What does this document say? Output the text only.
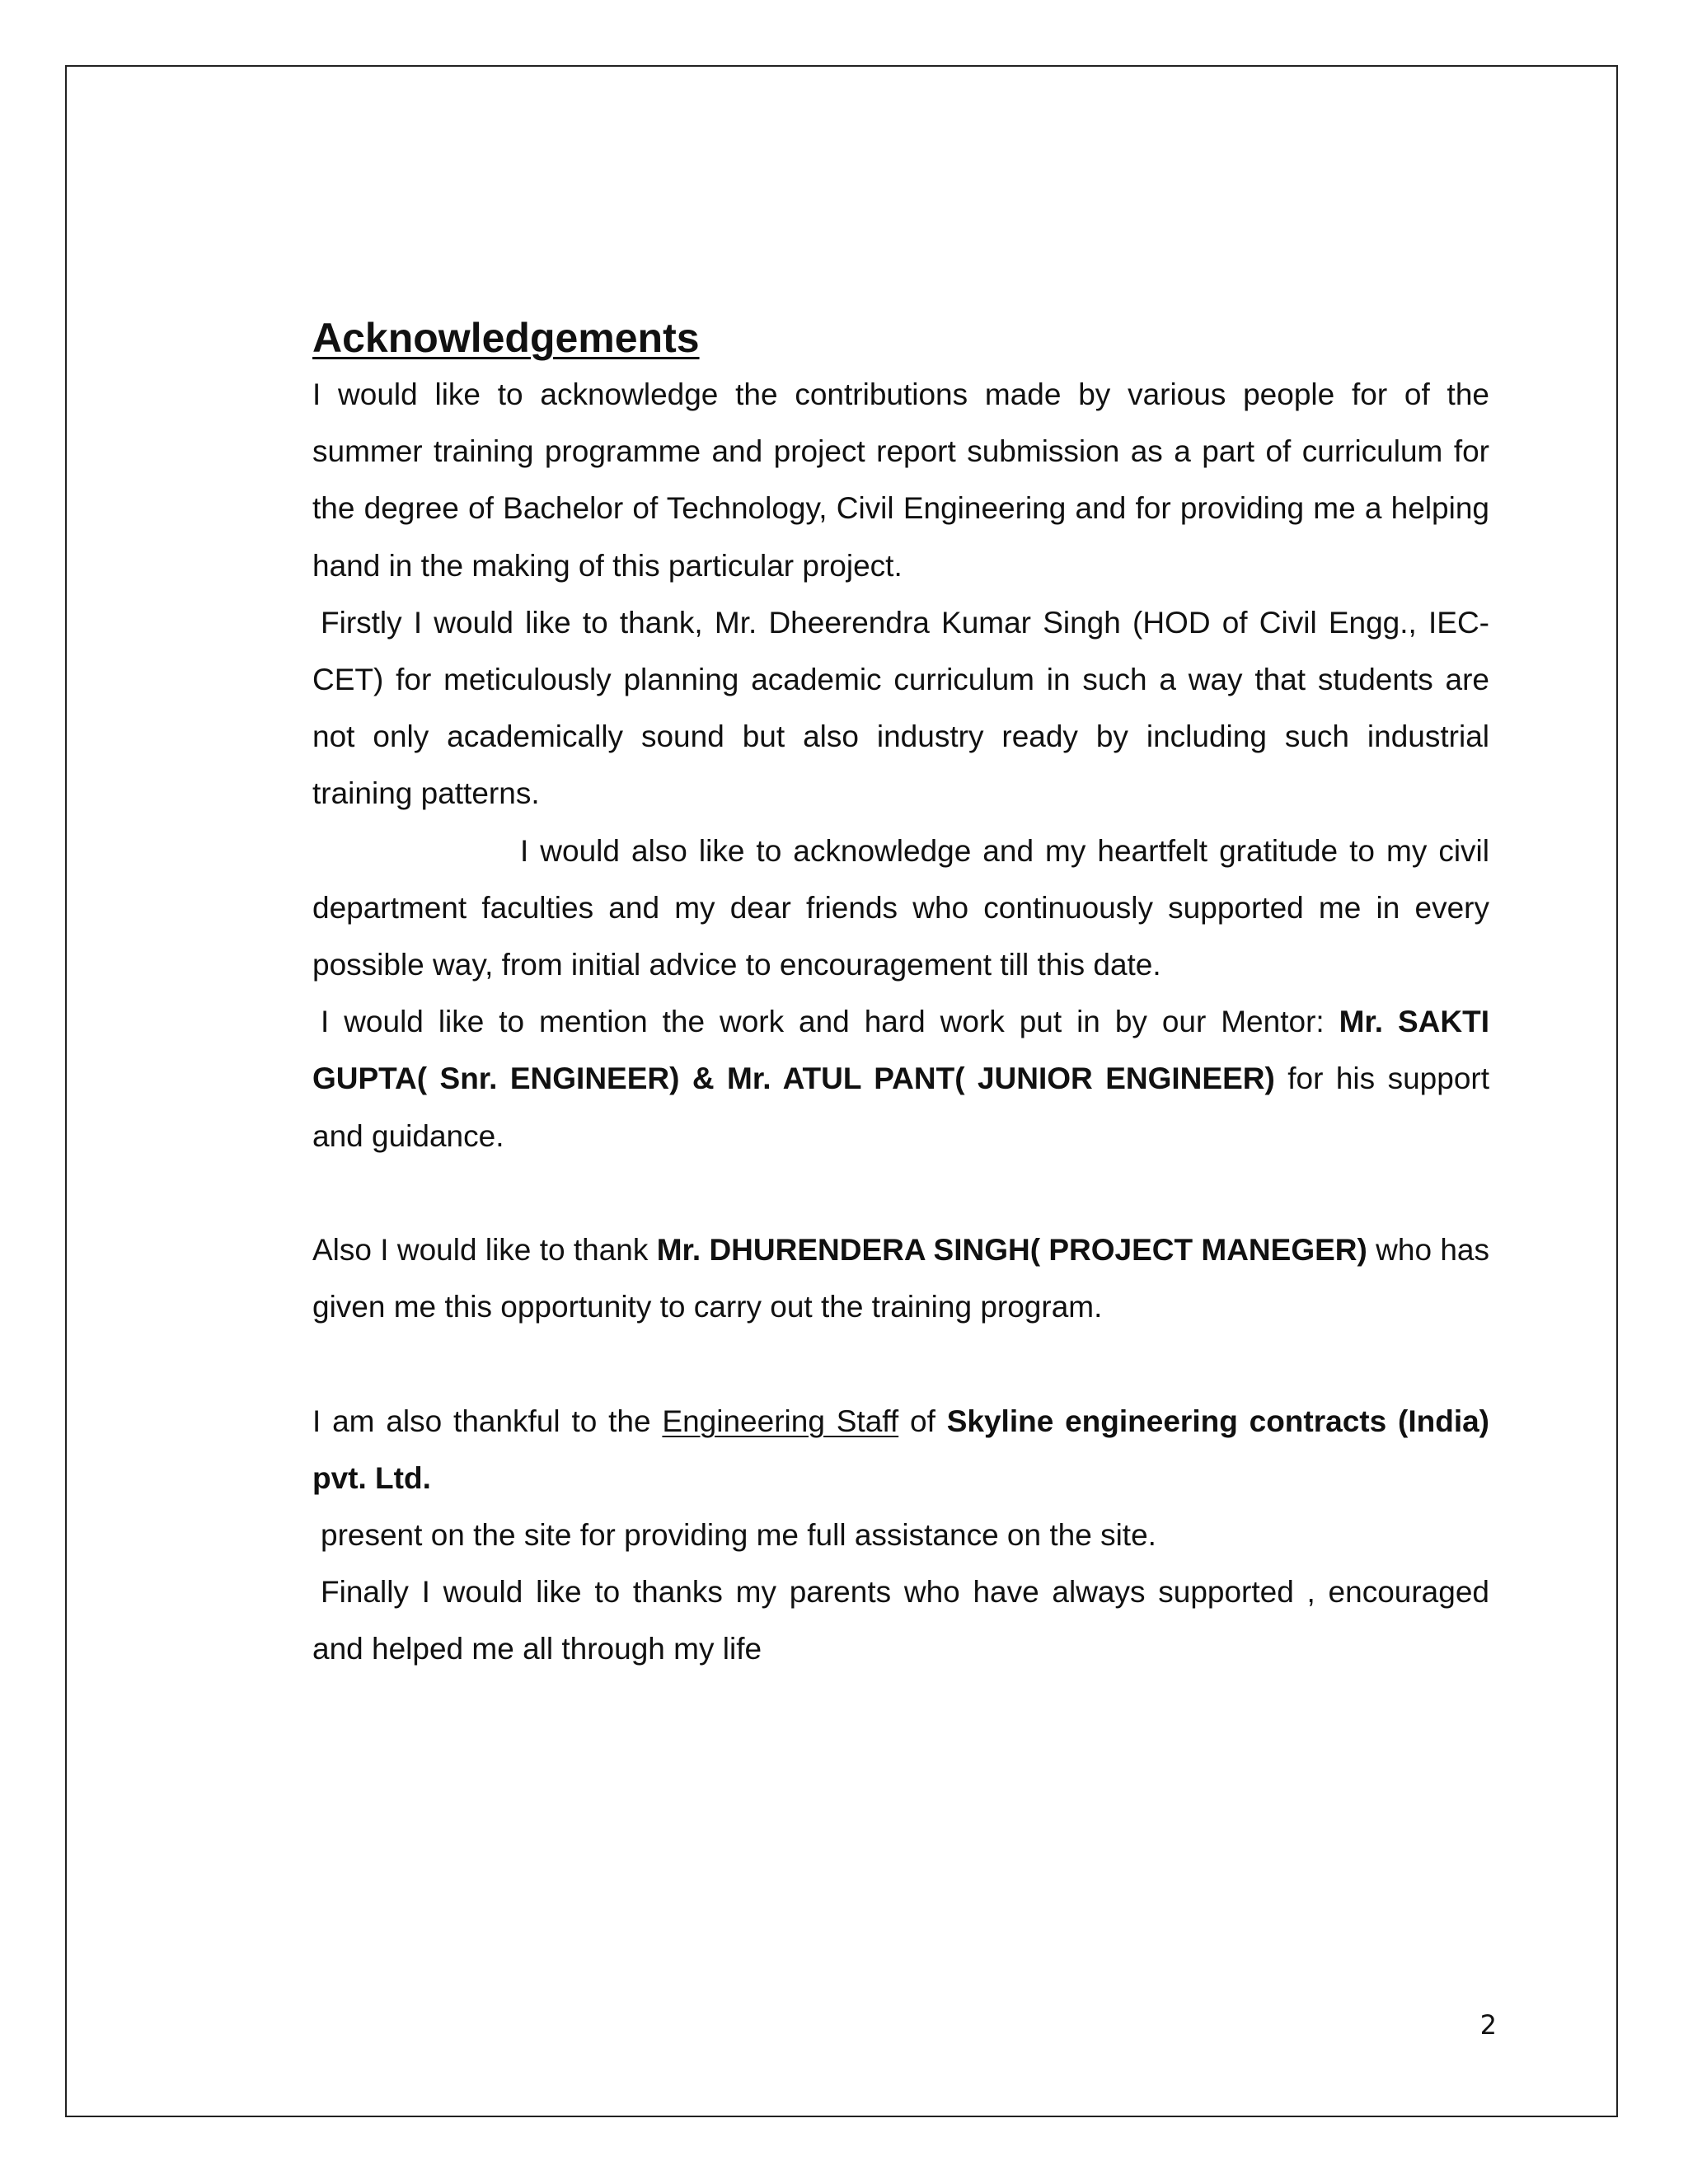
Acknowledgements

I would like to acknowledge the contributions made by various people for of the summer training programme and project report submission as a part of curriculum for the degree of Bachelor of Technology, Civil Engineering and for providing me a helping hand in the making of this particular project.

Firstly I would like to thank, Mr. Dheerendra Kumar Singh (HOD of Civil Engg., IEC-CET) for meticulously planning academic curriculum in such a way that students are not only academically sound but also industry ready by including such industrial training patterns.

I would also like to acknowledge and my heartfelt gratitude to my civil department faculties and my dear friends who continuously supported me in every possible way, from initial advice to encouragement till this date.

I would like to mention the work and hard work put in by our Mentor: Mr. SAKTI GUPTA( Snr. ENGINEER) & Mr. ATUL PANT( JUNIOR ENGINEER) for his support and guidance.

Also I would like to thank Mr. DHURENDERA SINGH( PROJECT MANEGER) who has given me this opportunity to carry out the training program.

I am also thankful to the Engineering Staff of Skyline engineering contracts (India) pvt. Ltd.

present on the site for providing me full assistance on the site.

Finally I would like to thanks my parents who have always supported , encouraged and helped me all through my life

2
